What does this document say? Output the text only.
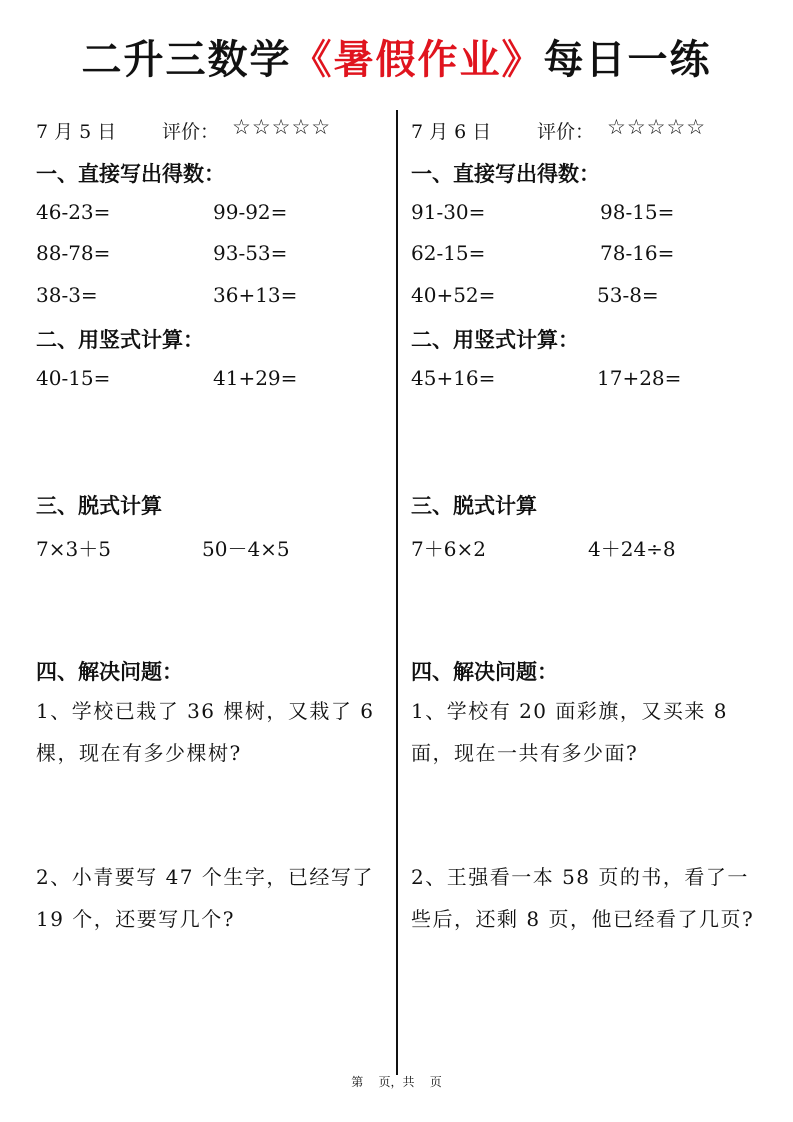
二升三数学《暑假作业》每日一练
7 月 5 日 评价： ☆☆☆☆☆
一、直接写出得数：
46-23=	99-92=
88-78=	93-53=
38-3=	36+13=
二、用竖式计算：
40-15=	41+29=
三、脱式计算
7×3＋5	50－4×5
四、解决问题：
1、学校已栽了 36 棵树，又栽了 6 棵，现在有多少棵树?
2、小青要写 47 个生字，已经写了 19 个，还要写几个?
7 月 6 日 评价： ☆☆☆☆☆
一、直接写出得数：
91-30=	98-15=
62-15=	78-16=
40+52=	53-8=
二、用竖式计算：
45+16=	17+28=
三、脱式计算
7＋6×2	4＋24÷8
四、解决问题：
1、学校有 20 面彩旗，又买来 8 面，现在一共有多少面?
2、王强看一本 58 页的书，看了一些后，还剩 8 页，他已经看了几页?
第    页，共    页
